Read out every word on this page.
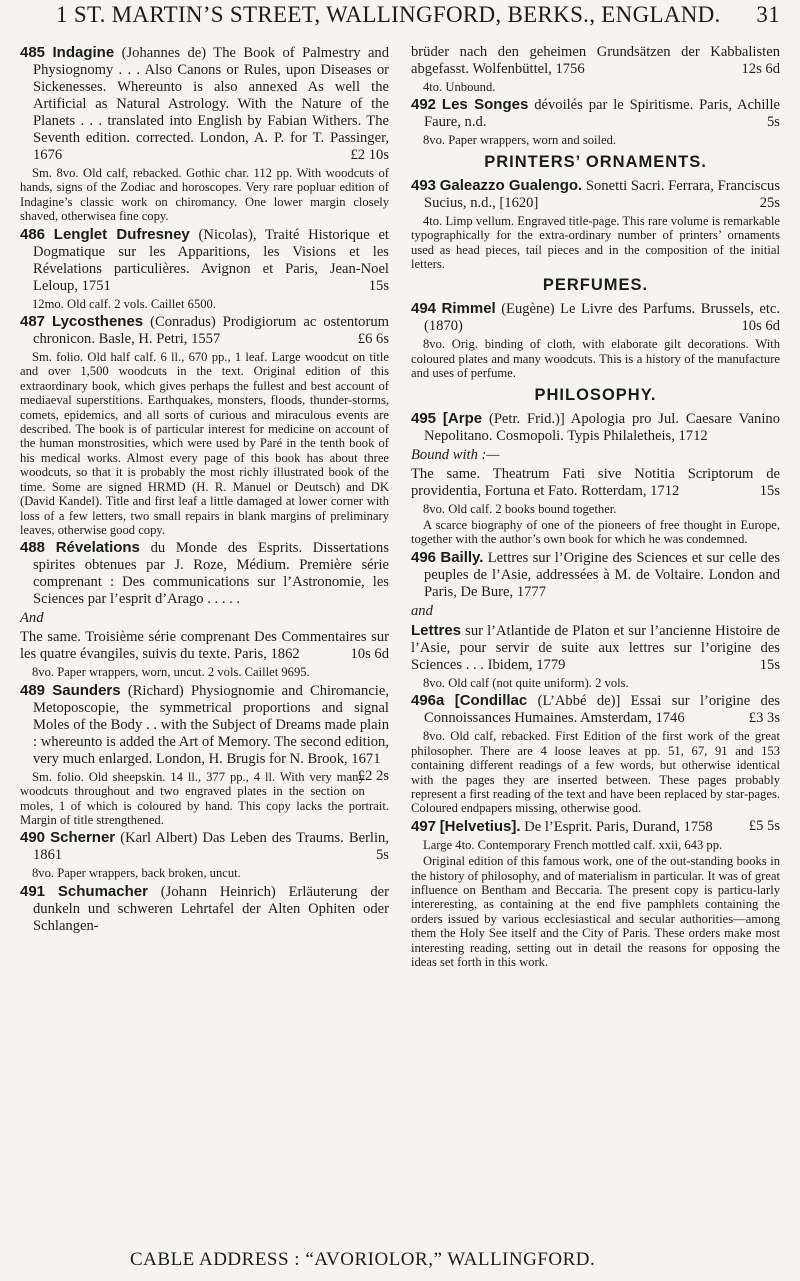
1 ST. MARTIN’S STREET, WALLINGFORD, BERKS., ENGLAND. 31
485 Indagine (Johannes de) The Book of Palmestry and Physiognomy . . . Also Canons or Rules, upon Diseases or Sickenesses. Whereunto is also annexed As well the Artificial as Natural Astrology. With the Nature of the Planets . . . translated into English by Fabian Withers. The Seventh edition. corrected. London, A. P. for T. Passinger, 1676	£2 10s
Sm. 8vo. Old calf, rebacked. Gothic char. 112 pp. With woodcuts of hands, signs of the Zodiac and horoscopes. Very rare popluar edition of Indagine’s classic work on chiromancy. One lower margin closely shaved, otherwisea fine copy.
486 Lenglet Dufresney (Nicolas), Traité Historique et Dogmatique sur les Apparitions, les Visions et les Révelations particulières. Avignon et Paris, Jean-Noel Leloup, 1751	15s
12mo. Old calf. 2 vols. Caillet 6500.
487 Lycosthenes (Conradus) Prodigiorum ac ostentorum chronicon. Basle, H. Petri, 1557	£6 6s
Sm. folio. Old half calf. 6 ll., 670 pp., 1 leaf. Large woodcut on title and over 1,500 woodcuts in the text. Original edition of this extraordinary book, which gives perhaps the fullest and best account of mediaeval superstitions. Earthquakes, monsters, floods, thunder-storms, comets, epidemics, and all sorts of curious and miraculous events are described. The book is of particular interest for medicine on account of the human monstrosities, which were used by Paré in the tenth book of his medical works. Almost every page of this book has about three woodcuts, so that it is probably the most richly illustrated book of the time. Some are signed HRMD (H. R. Manuel or Deutsch) and DK (David Kandel). Title and first leaf a little damaged at lower corner with loss of a few letters, two small repairs in blank margins of preliminary leaves, otherwise good copy.
488 Révelations du Monde des Esprits. Dissertations spirites obtenues par J. Roze, Médium. Première série comprenant : Des communications sur l’Astronomie, les Sciences par l’esprit d’Arago . . . . .
And
The same. Troisième série comprenant Des Commentaires sur les quatre évangiles, suivis du texte. Paris, 1862	10s 6d
8vo. Paper wrappers, worn, uncut. 2 vols. Caillet 9695.
489 Saunders (Richard) Physiognomie and Chiromancie, Metoposcopie, the symmetrical proportions and signal Moles of the Body . . with the Subject of Dreams made plain : whereunto is added the Art of Memory. The second edition, very much enlarged. London, H. Brugis for N. Brook, 1671
£2 2s
Sm. folio. Old sheepskin. 14 ll., 377 pp., 4 ll. With very many woodcuts throughout and two engraved plates in the section on moles, 1 of which is coloured by hand. This copy lacks the portrait. Margin of title strengthened.
490 Scherner (Karl Albert) Das Leben des Traums. Berlin, 1861	5s
8vo. Paper wrappers, back broken, uncut.
491 Schumacher (Johann Heinrich) Erläuterung der dunkeln und schweren Lehrtafel der Alten Ophiten oder Schlangen-
brüder nach den geheimen Grundsätzen der Kabbalisten abgefasst. Wolfenbüttel, 1756	12s 6d
4to. Unbound.
492 Les Songes dévoilés par le Spiritisme. Paris, Achille Faure, n.d.	5s
8vo. Paper wrappers, worn and soiled.
PRINTERS’ ORNAMENTS.
493 Galeazzo Gualengo. Sonetti Sacri. Ferrara, Franciscus Sucius, n.d., [1620]	25s
4to. Limp vellum. Engraved title-page. This rare volume is remarkable typographically for the extra-ordinary number of printers’ ornaments used as head pieces, tail pieces and in the composition of the initial letters.
PERFUMES.
494 Rimmel (Eugène) Le Livre des Parfums. Brussels, etc. (1870)	10s 6d
8vo. Orig. binding of cloth, with elaborate gilt decorations. With coloured plates and many woodcuts. This is a history of the manufacture and uses of perfume.
PHILOSOPHY.
495 [Arpe (Petr. Frid.)] Apologia pro Jul. Caesare Vanino Nepolitano. Cosmopoli. Typis Philaletheis, 1712
Bound with :—
The same. Theatrum Fati sive Notitia Scriptorum de providentia, Fortuna et Fato. Rotterdam, 1712	15s
8vo. Old calf. 2 books bound together.
A scarce biography of one of the pioneers of free thought in Europe, together with the author’s own book for which he was condemned.
496 Bailly. Lettres sur l’Origine des Sciences et sur celle des peuples de l’Asie, addressées à M. de Voltaire. London and Paris, De Bure, 1777
and
Lettres sur l’Atlantide de Platon et sur l’ancienne Histoire de l’Asie, pour servir de suite aux lettres sur l’origine des Sciences . . . Ibidem, 1779	15s
8vo. Old calf (not quite uniform). 2 vols.
496a [Condillac (L’Abbé de)] Essai sur l’origine des Connoissances Humaines. Amsterdam, 1746	£3 3s
8vo. Old calf, rebacked. First Edition of the first work of the great philosopher. There are 4 loose leaves at pp. 51, 67, 91 and 153 containing different readings of a few words, but otherwise identical with the pages they are inserted between. These pages probably represent a first reading of the text and have been replaced by star-pages. Coloured endpapers missing, otherwise good.
497 [Helvetius]. De l’Esprit. Paris, Durand, 1758 £5 5s
Large 4to. Contemporary French mottled calf. xxii, 643 pp.
Original edition of this famous work, one of the out-standing books in the history of philosophy, and of materialism in particular. It was of great influence on Bentham and Beccaria. The present copy is particu-larly intereresting, as containing at the end five pamphlets containing the orders issued by various ecclesiastical and secular authorities—among them the Holy See itself and the City of Paris. These orders make most interesting reading, setting out in detail the reasons for opposing the ideas set forth in this work.
CABLE ADDRESS : “AVORIOLOR,” WALLINGFORD.
